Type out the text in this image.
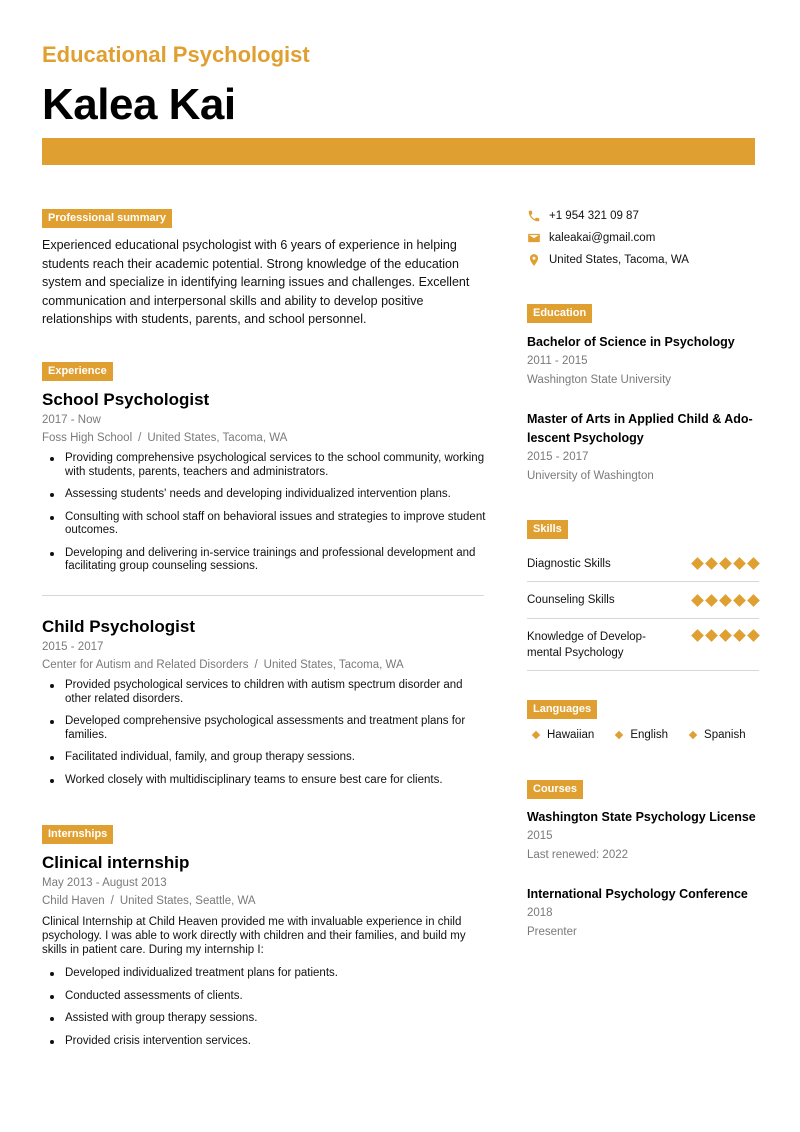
Educational Psychologist
Kalea Kai
Professional summary

Experienced educational psychologist with 6 years of experience in helping students reach their academic potential. Strong knowledge of the education system and specialize in identifying learning issues and challenges. Excellent communication and interpersonal skills and ability to develop positive relationships with students, parents, and school personnel.

Experience
School Psychologist
2017 - Now
Foss High School / United States, Tacoma, WA
Providing comprehensive psychological services to the school community, working with students, parents, teachers and administrators.
Assessing students' needs and developing individualized intervention plans.
Consulting with school staff on behavioral issues and strategies to improve student outcomes.
Developing and delivering in-service trainings and professional development and facilitating group counseling sessions.
Child Psychologist
2015 - 2017
Center for Autism and Related Disorders / United States, Tacoma, WA
Provided psychological services to children with autism spectrum disorder and other related disorders.
Developed comprehensive psychological assessments and treatment plans for families.
Facilitated individual, family, and group therapy sessions.
Worked closely with multidisciplinary teams to ensure best care for clients.
Internships
Clinical internship
May 2013 - August 2013
Child Haven / United States, Seattle, WA

Clinical Internship at Child Heaven provided me with invaluable experience in child psychology. I was able to work directly with children and their families, and build my skills in patient care. During my internship I:

Developed individualized treatment plans for patients.
Conducted assessments of clients.
Assisted with group therapy sessions.
Provided crisis intervention services.
+1 954 321 09 87
kaleakai@gmail.com
United States, Tacoma, WA
Education
Bachelor of Science in Psychology
2011 - 2015
Washington State University
Master of Arts in Applied Child & Ado-
lescent Psychology
2015 - 2017
University of Washington
Skills
Diagnostic Skills
Counseling Skills
Knowledge of Develop-
mental Psychology
Languages
Hawaiian	English	Spanish
Courses
Washington State Psychology License
2015
Last renewed: 2022
International Psychology Conference
2018
Presenter
